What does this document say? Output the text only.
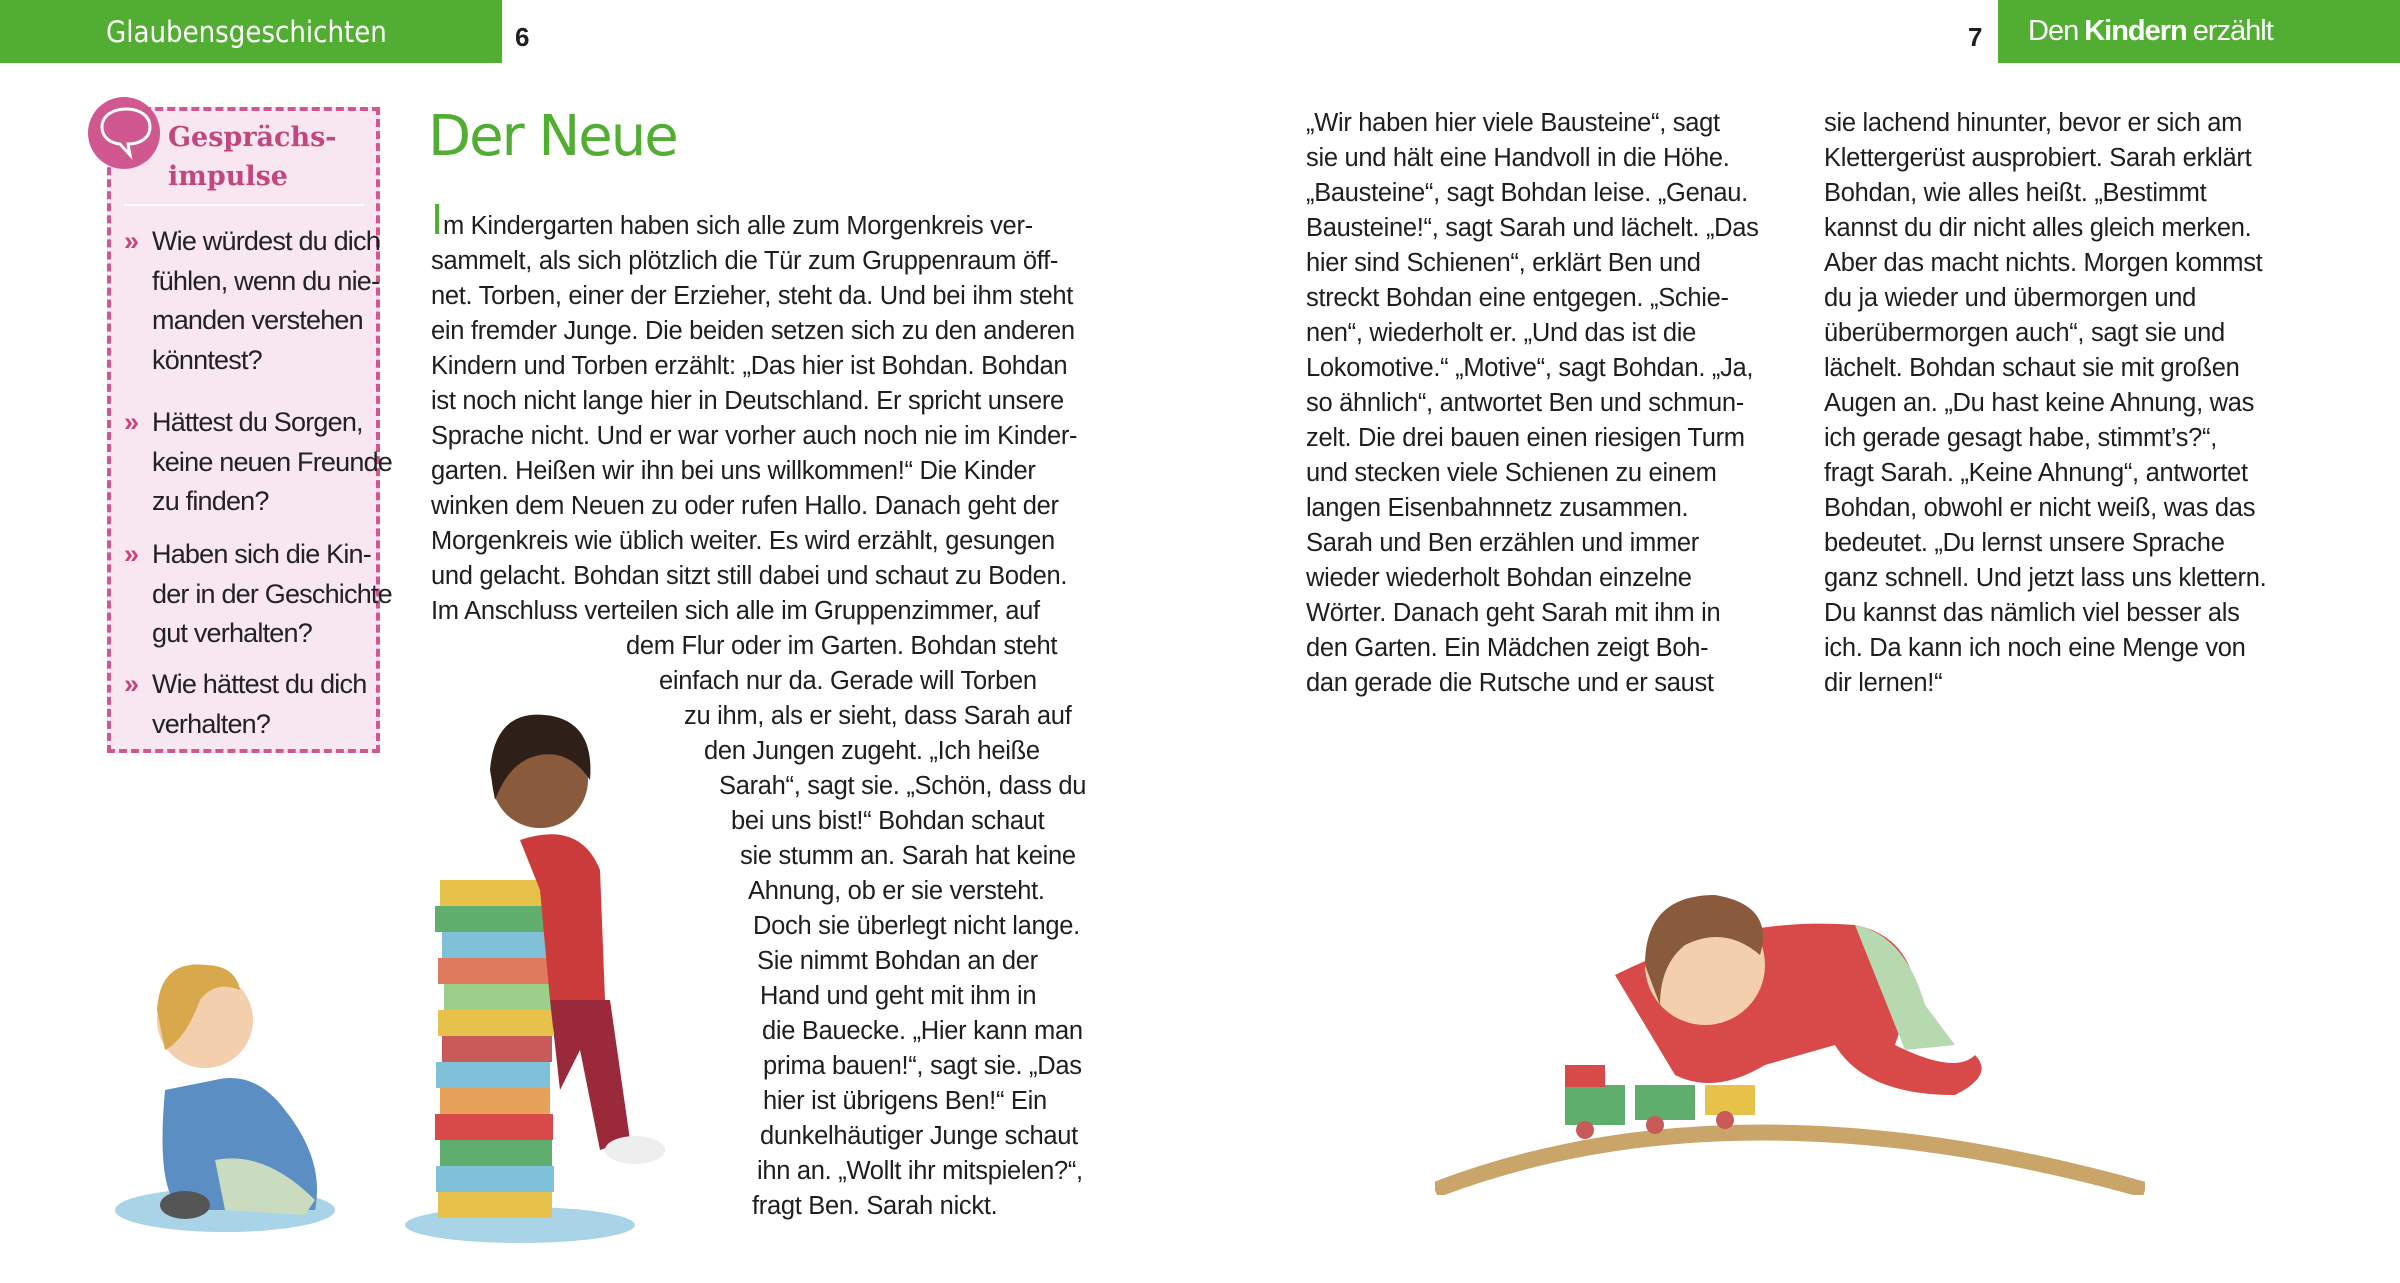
Glaubensgeschichten	6	7 Den Kindern erzählt
Gesprächs-
impulse
» Wie würdest du dich
fühlen, wenn du nie-
manden verstehen
könntest?
» Hättest du Sorgen,
keine neuen Freunde
zu finden?
» Haben sich die Kin-
der in der Geschichte
gut verhalten?
» Wie hättest du dich
verhalten?
Der Neue
Im Kindergarten haben sich alle zum Morgenkreis ver-
sammelt, als sich plötzlich die Tür zum Gruppenraum öff-
net. Torben, einer der Erzieher, steht da. Und bei ihm steht
ein fremder Junge. Die beiden setzen sich zu den anderen
Kindern und Torben erzählt: „Das hier ist Bohdan. Bohdan
ist noch nicht lange hier in Deutschland. Er spricht unsere
Sprache nicht. Und er war vorher auch noch nie im Kinder-
garten. Heißen wir ihn bei uns willkommen!“ Die Kinder
winken dem Neuen zu oder rufen Hallo. Danach geht der
Morgenkreis wie üblich weiter. Es wird erzählt, gesungen
und gelacht. Bohdan sitzt still dabei und schaut zu Boden.
Im Anschluss verteilen sich alle im Gruppenzimmer, auf
dem Flur oder im Garten. Bohdan steht
einfach nur da. Gerade will Torben
zu ihm, als er sieht, dass Sarah auf
den Jungen zugeht. „Ich heiße
Sarah“, sagt sie. „Schön, dass du
bei uns bist!“ Bohdan schaut
sie stumm an. Sarah hat keine
Ahnung, ob er sie versteht.
Doch sie überlegt nicht lange.
Sie nimmt Bohdan an der
Hand und geht mit ihm in
die Bauecke. „Hier kann man
prima bauen!“, sagt sie. „Das
hier ist übrigens Ben!“ Ein
dunkelhäutiger Junge schaut
ihn an. „Wollt ihr mitspielen?“,
fragt Ben. Sarah nickt.
„Wir haben hier viele Bausteine“, sagt
sie und hält eine Handvoll in die Höhe.
„Bausteine“, sagt Bohdan leise. „Genau.
Bausteine!“, sagt Sarah und lächelt. „Das
hier sind Schienen“, erklärt Ben und
streckt Bohdan eine entgegen. „Schie-
nen“, wiederholt er. „Und das ist die
Lokomotive.“ „Motive“, sagt Bohdan. „Ja,
so ähnlich“, antwortet Ben und schmun-
zelt. Die drei bauen einen riesigen Turm
und stecken viele Schienen zu einem
langen Eisenbahnnetz zusammen.
Sarah und Ben erzählen und immer
wieder wiederholt Bohdan einzelne
Wörter. Danach geht Sarah mit ihm in
den Garten. Ein Mädchen zeigt Boh-
dan gerade die Rutsche und er saust
sie lachend hinunter, bevor er sich am
Klettergerüst ausprobiert. Sarah erklärt
Bohdan, wie alles heißt. „Bestimmt
kannst du dir nicht alles gleich merken.
Aber das macht nichts. Morgen kommst
du ja wieder und übermorgen und
überübermorgen auch“, sagt sie und
lächelt. Bohdan schaut sie mit großen
Augen an. „Du hast keine Ahnung, was
ich gerade gesagt habe, stimmt’s?“,
fragt Sarah. „Keine Ahnung“, antwortet
Bohdan, obwohl er nicht weiß, was das
bedeutet. „Du lernst unsere Sprache
ganz schnell. Und jetzt lass uns klettern.
Du kannst das nämlich viel besser als
ich. Da kann ich noch eine Menge von
dir lernen!“
